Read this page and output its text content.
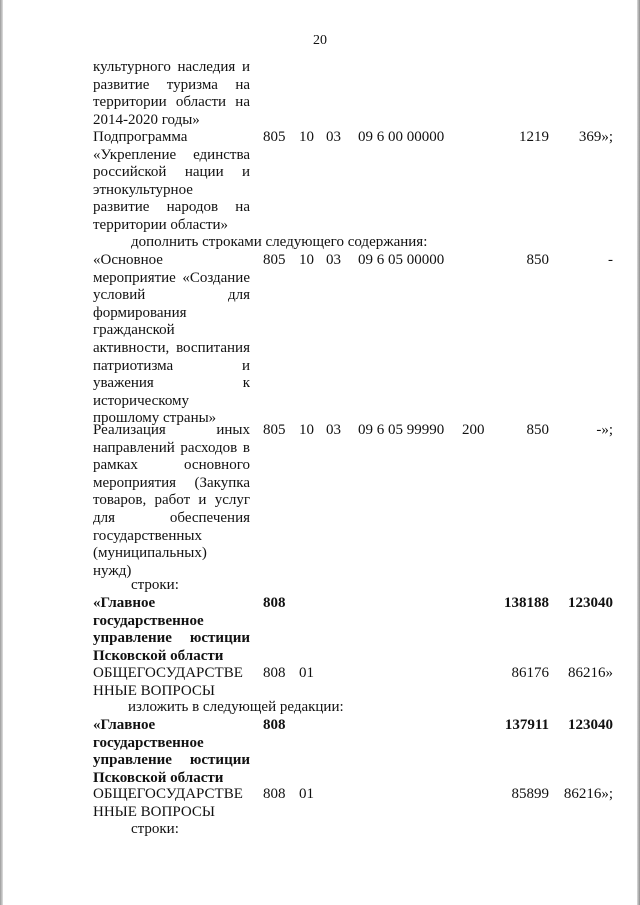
20
культурного наследия и
развитие туризма на
территории области на
2014-2020 годы»
Подпрограмма
«Укрепление единства
российской нации и
этнокультурное
развитие народов на
территории области»
805 10 03 09 6 00 00000	1219 369»;
дополнить строками следующего содержания:
«Основное
мероприятие «Создание
условий для
формирования
гражданской
активности, воспитания
патриотизма и
уважения к
историческому
прошлому страны»
805 10 03 09 6 05 00000	850	-
Реализация иных
направлений расходов в
рамках основного
мероприятия (Закупка
товаров, работ и услуг
для обеспечения
государственных
(муниципальных)
нужд)
805 10 03 09 6 05 99990 200	850	-»;
строки:
«Главное
государственное
управление юстиции
Псковской области
808	138188 123040
ОБЩЕГОСУДАРСТВЕ
ННЫЕ ВОПРОСЫ
808 01	86176 86216»
изложить в следующей редакции:
«Главное
государственное
управление юстиции
Псковской области
808	137911 123040
ОБЩЕГОСУДАРСТВЕ
ННЫЕ ВОПРОСЫ
808 01	85899 86216»;
строки:
